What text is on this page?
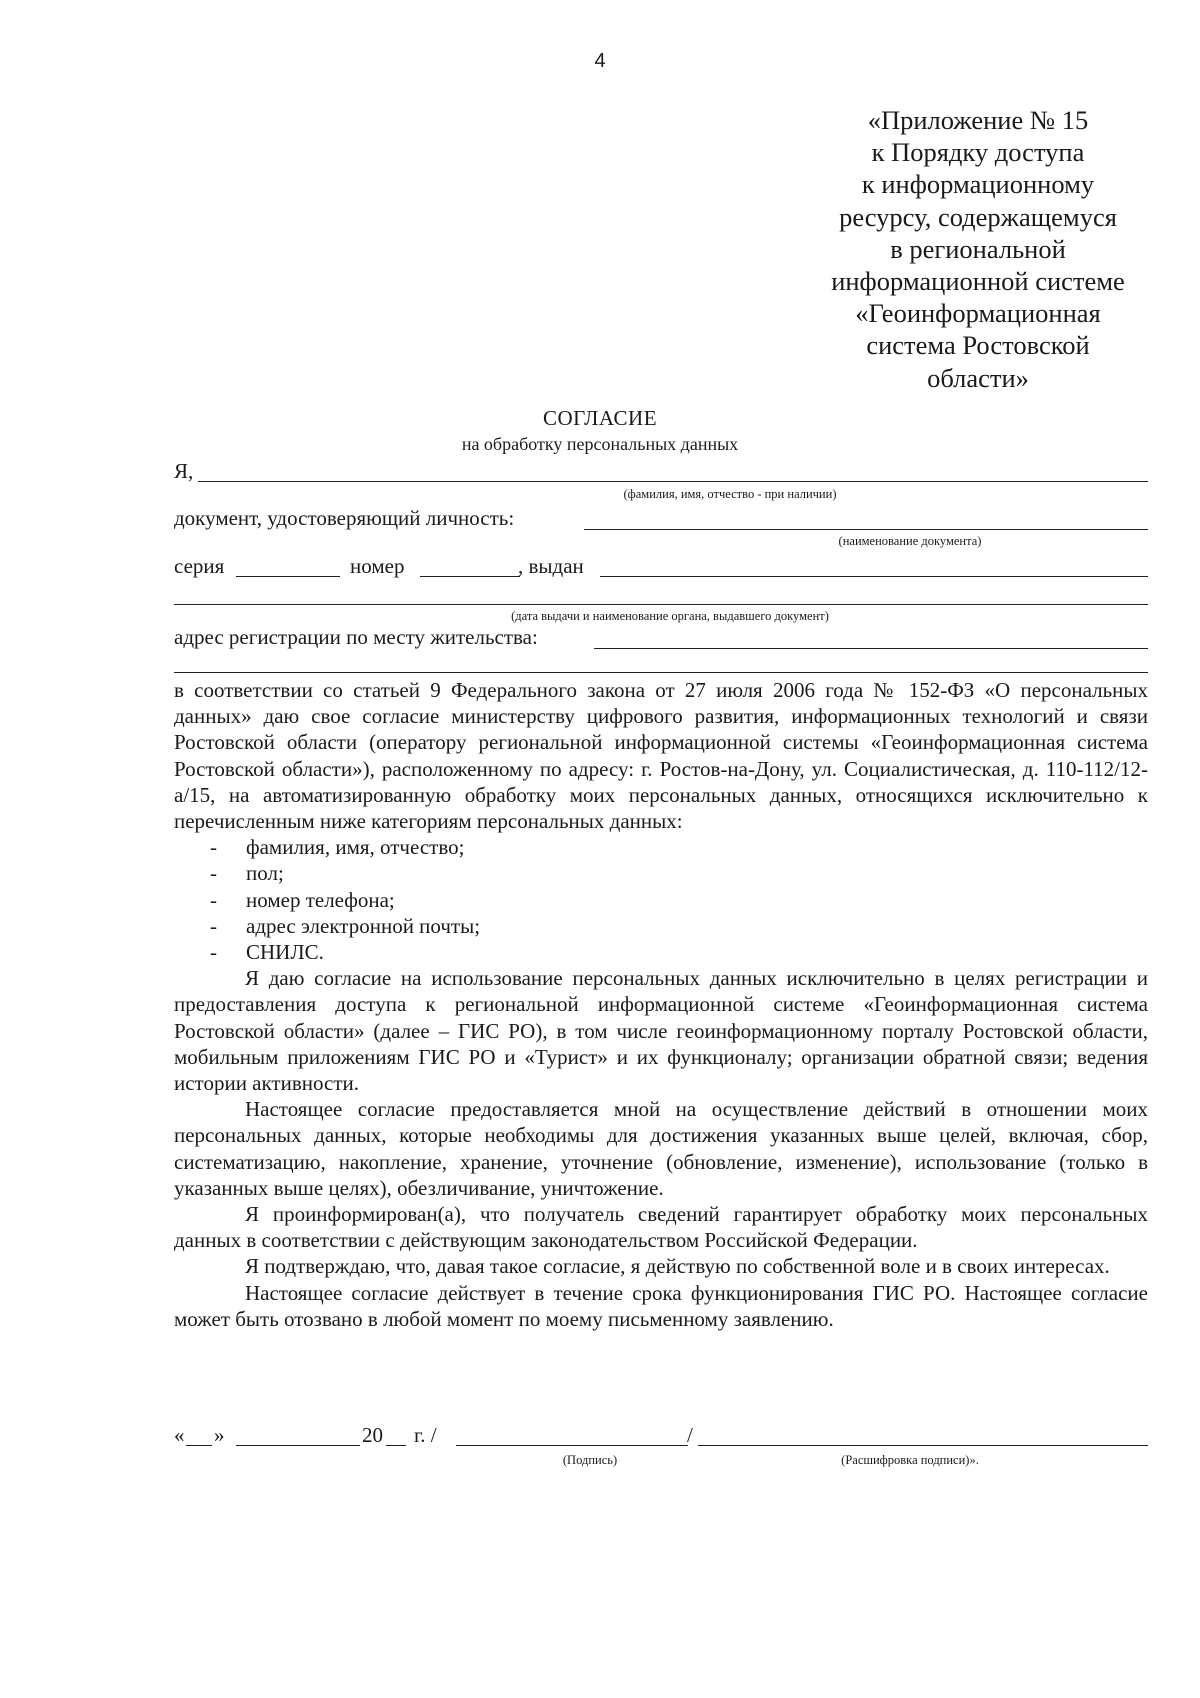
4
«Приложение № 15
к Порядку доступа
к информационному
ресурсу, содержащемуся
в региональной
информационной системе
«Геоинформационная
система Ростовской
области»
СОГЛАСИЕ
на обработку персональных данных
Я,
(фамилия, имя, отчество - при наличии)
документ, удостоверяющий личность:
(наименование документа)
серия	номер	, выдан
(дата выдачи и наименование органа, выдавшего документ)
адрес регистрации по месту жительства:

в соответствии со статьей 9 Федерального закона от 27 июля 2006 года № 152-ФЗ «О персональных данных» даю свое согласие министерству цифрового развития, информационных технологий и связи Ростовской области (оператору региональной информационной системы «Геоинформационная система Ростовской области»), расположенному по адресу: г. Ростов-на-Дону, ул. Социалистическая, д. 110-112/12-а/15, на автоматизированную обработку моих персональных данных, относящихся исключительно к перечисленным ниже категориям персональных данных:

- фамилия, имя, отчество;
- пол;
- номер телефона;
- адрес электронной почты;
- СНИЛС.

Я даю согласие на использование персональных данных исключительно в целях регистрации и предоставления доступа к региональной информационной системе «Геоинформационная система Ростовской области» (далее – ГИС РО), в том числе геоинформационному порталу Ростовской области, мобильным приложениям ГИС РО и «Турист» и их функционалу; организации обратной связи; ведения истории активности.

Настоящее согласие предоставляется мной на осуществление действий в отношении моих персональных данных, которые необходимы для достижения указанных выше целей, включая, сбор, систематизацию, накопление, хранение, уточнение (обновление, изменение), использование (только в указанных выше целях), обезличивание, уничтожение.

Я проинформирован(а), что получатель сведений гарантирует обработку моих персональных данных в соответствии с действующим законодательством Российской Федерации.

Я подтверждаю, что, давая такое согласие, я действую по собственной воле и в своих интересах.

Настоящее согласие действует в течение срока функционирования ГИС РО. Настоящее согласие может быть отозвано в любой момент по моему письменному заявлению.

« »	20 г. /	/
(Подпись)	(Расшифровка подписи)».
